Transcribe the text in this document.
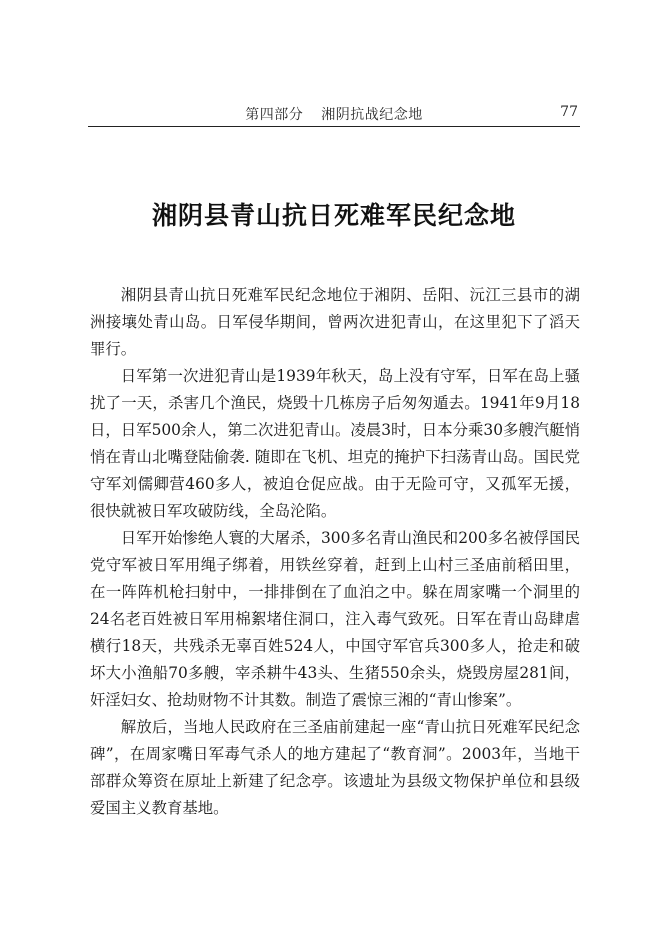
第四部分 湘阴抗战纪念地	77
湘阴县青山抗日死难军民纪念地

湘阴县青山抗日死难军民纪念地位于湘阴、岳阳、沅江三县市的湖洲接壤处青山岛。日军侵华期间，曾两次进犯青山，在这里犯下了滔天罪行。

日军第一次进犯青山是1939年秋天，岛上没有守军，日军在岛上骚扰了一天，杀害几个渔民，烧毁十几栋房子后匆匆遁去。1941年9月18日，日军500余人，第二次进犯青山。凌晨3时，日本分乘30多艘汽艇悄悄在青山北嘴登陆偷袭. 随即在飞机、坦克的掩护下扫荡青山岛。国民党守军刘儒卿营460多人，被迫仓促应战。由于无险可守，又孤军无援，很快就被日军攻破防线，全岛沦陷。

日军开始惨绝人寰的大屠杀，300多名青山渔民和200多名被俘国民党守军被日军用绳子绑着，用铁丝穿着，赶到上山村三圣庙前稻田里，在一阵阵机枪扫射中，一排排倒在了血泊之中。躲在周家嘴一个洞里的24名老百姓被日军用棉絮堵住洞口，注入毒气致死。日军在青山岛肆虐横行18天，共残杀无辜百姓524人，中国守军官兵300多人，抢走和破坏大小渔船70多艘，宰杀耕牛43头、生猪550余头，烧毁房屋281间，奸淫妇女、抢劫财物不计其数。制造了震惊三湘的“青山惨案”。

解放后，当地人民政府在三圣庙前建起一座“青山抗日死难军民纪念碑”，在周家嘴日军毒气杀人的地方建起了“教育洞”。2003年，当地干部群众筹资在原址上新建了纪念亭。该遗址为县级文物保护单位和县级爱国主义教育基地。
